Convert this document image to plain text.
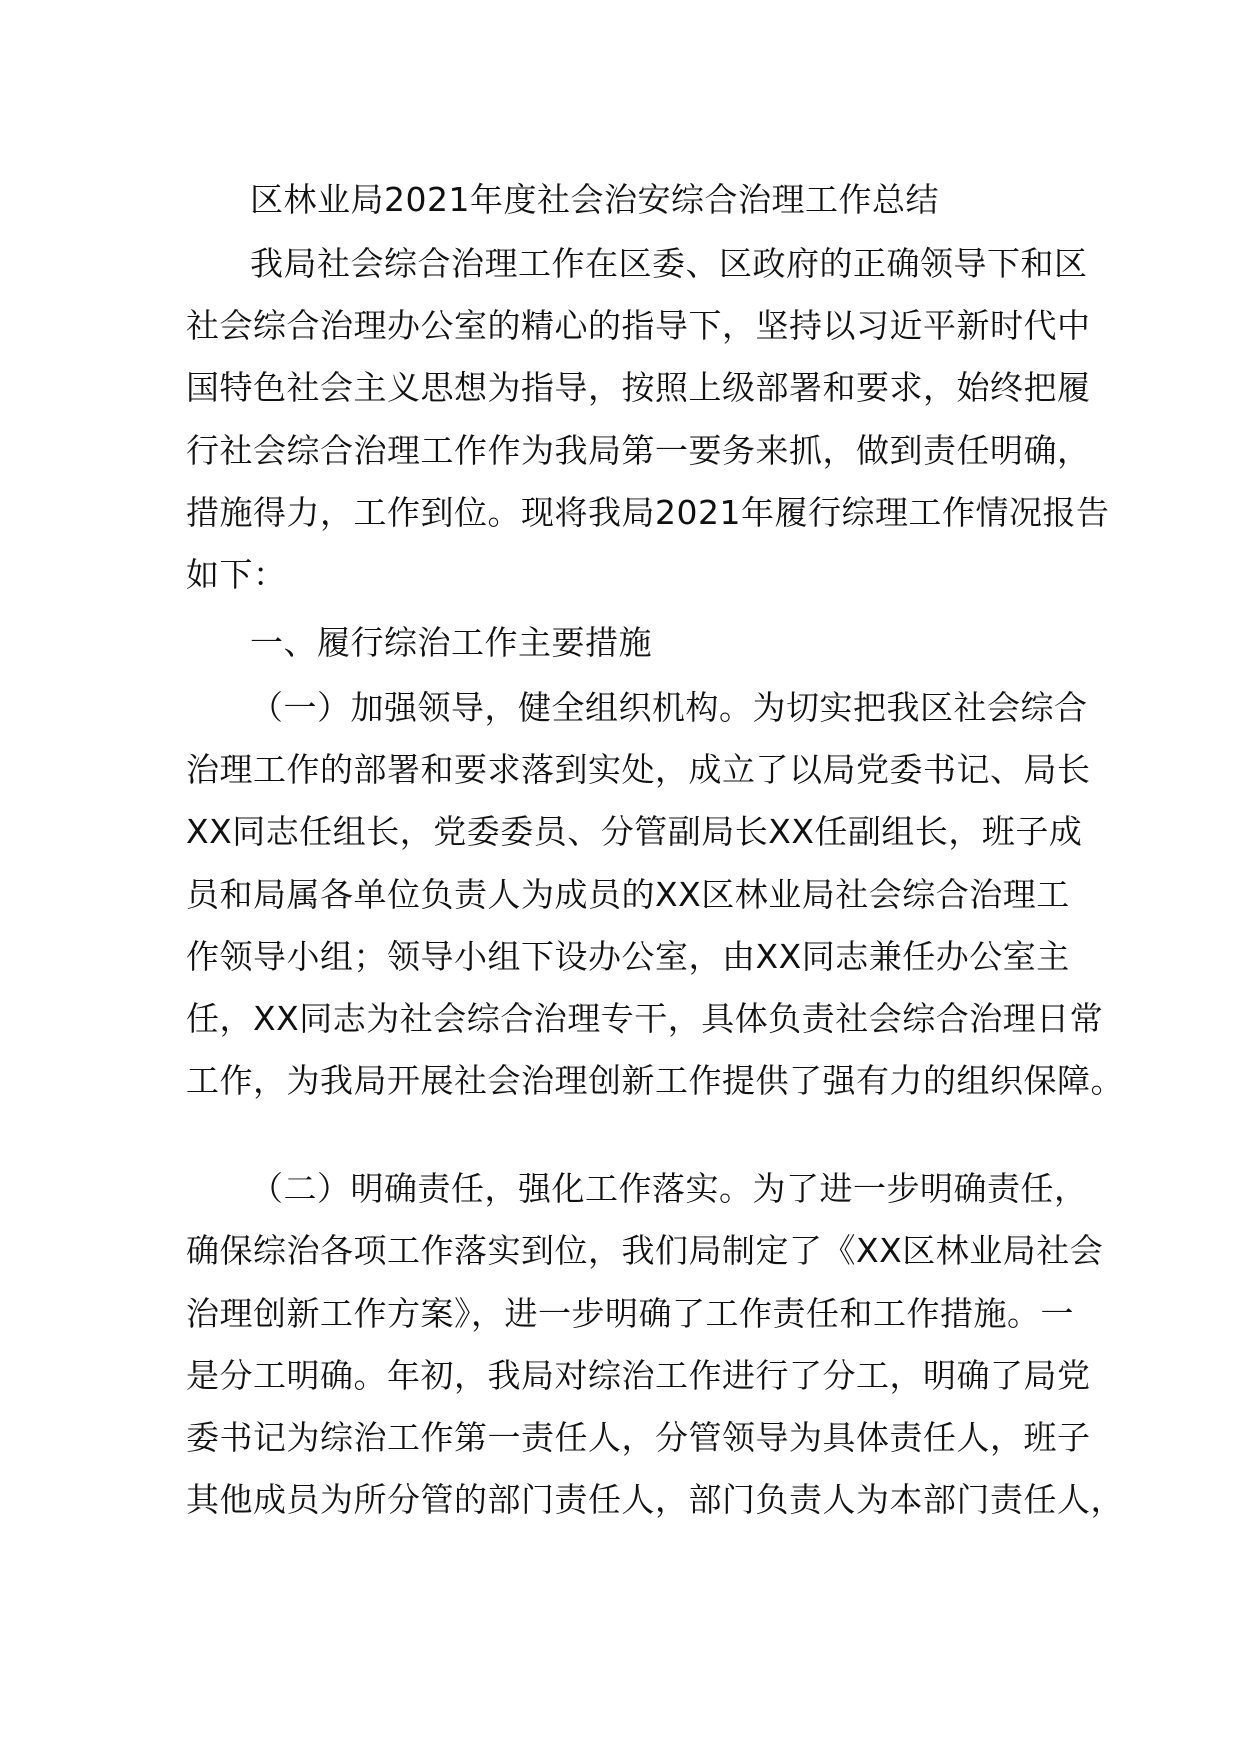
区林业局2021年度社会治安综合治理工作总结
我局社会综合治理工作在区委、区政府的正确领导下和区
社会综合治理办公室的精心的指导下，坚持以习近平新时代中
国特色社会主义思想为指导，按照上级部署和要求，始终把履
行社会综合治理工作作为我局第一要务来抓，做到责任明确，
措施得力，工作到位。现将我局2021年履行综理工作情况报告
如下：
一、履行综治工作主要措施
（一）加强领导，健全组织机构。为切实把我区社会综合
治理工作的部署和要求落到实处，成立了以局党委书记、局长
XX同志任组长，党委委员、分管副局长XX任副组长，班子成
员和局属各单位负责人为成员的XX区林业局社会综合治理工
作领导小组；领导小组下设办公室，由XX同志兼任办公室主
任，XX同志为社会综合治理专干，具体负责社会综合治理日常
工作，为我局开展社会治理创新工作提供了强有力的组织保障。
（二）明确责任，强化工作落实。为了进一步明确责任，
确保综治各项工作落实到位，我们局制定了《XX区林业局社会
治理创新工作方案》，进一步明确了工作责任和工作措施。一
是分工明确。年初，我局对综治工作进行了分工，明确了局党
委书记为综治工作第一责任人，分管领导为具体责任人，班子
其他成员为所分管的部门责任人，部门负责人为本部门责任人，
